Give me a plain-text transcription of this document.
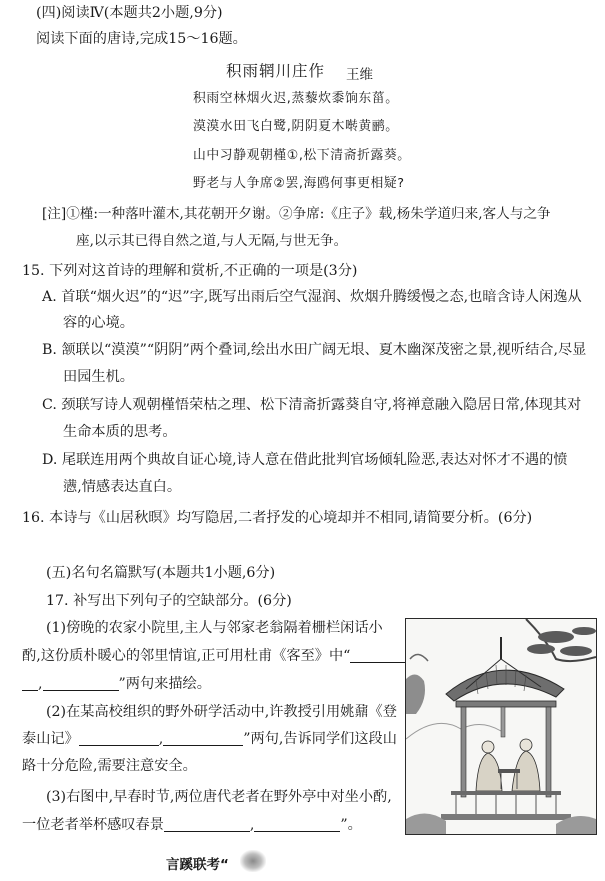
(四)阅读Ⅳ(本题共2小题,9分)
阅读下面的唐诗,完成15～16题。
积雨辋川庄作 王维
积雨空林烟火迟,蒸藜炊黍饷东菑。
漠漠水田飞白鹭,阴阴夏木啭黄鹂。
山中习静观朝槿①,松下清斋折露葵。
野老与人争席②罢,海鸥何事更相疑?
[注]①槿:一种落叶灌木,其花朝开夕谢。②争席:《庄子》载,杨朱学道归来,客人与之争
座,以示其已得自然之道,与人无隔,与世无争。
15. 下列对这首诗的理解和赏析,不正确的一项是(3分)
A. 首联“烟火迟”的“迟”字,既写出雨后空气湿润、炊烟升腾缓慢之态,也暗含诗人闲逸从
容的心境。
B. 颔联以“漠漠”“阴阴”两个叠词,绘出水田广阔无垠、夏木幽深茂密之景,视听结合,尽显
田园生机。
C. 颈联写诗人观朝槿悟荣枯之理、松下清斋折露葵自守,将禅意融入隐居日常,体现其对
生命本质的思考。
D. 尾联连用两个典故自证心境,诗人意在借此批判官场倾轧险恶,表达对怀才不遇的愤
懑,情感表达直白。
16. 本诗与《山居秋暝》均写隐居,二者抒发的心境却并不相同,请简要分析。(6分)
(五)名句名篇默写(本题共1小题,6分)
17. 补写出下列句子的空缺部分。(6分)
(1)傍晚的农家小院里,主人与邻家老翁隔着栅栏闲话小
酌,这份质朴暖心的邻里情谊,正可用杜甫《客至》中“
,	”两句来描绘。
(2)在某高校组织的野外研学活动中,许教授引用姚鼐《登
泰山记》	,	”两句,告诉同学们这段山
路十分危险,需要注意安全。
(3)右图中,早春时节,两位唐代老者在野外亭中对坐小酌,
一位老者举杯感叹春景	,	”。
言蹊联考“
